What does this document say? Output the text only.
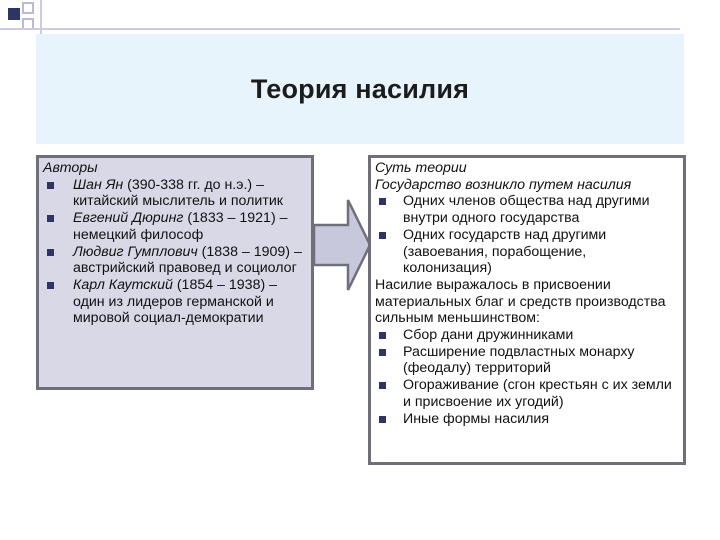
Теория насилия
Авторы
Шан Ян (390-338 гг. до н.э.) – китайский мыслитель и политик
Евгений Дюринг (1833 – 1921) – немецкий философ
Людвиг Гумплович (1838 – 1909) – австрийский правовед и социолог
Карл Каутский (1854 – 1938) – один из лидеров германской и мировой социал-демократии
Суть теории
Государство возникло путем насилия
Одних членов общества над другими внутри одного государства
Одних государств над другими (завоевания, порабощение, колонизация)
Насилие выражалось в присвоении материальных благ и средств производства сильным меньшинством:
Сбор дани дружинниками
Расширение подвластных монарху (феодалу) территорий
Огораживание (сгон крестьян с их земли и присвоение их угодий)
Иные формы насилия
